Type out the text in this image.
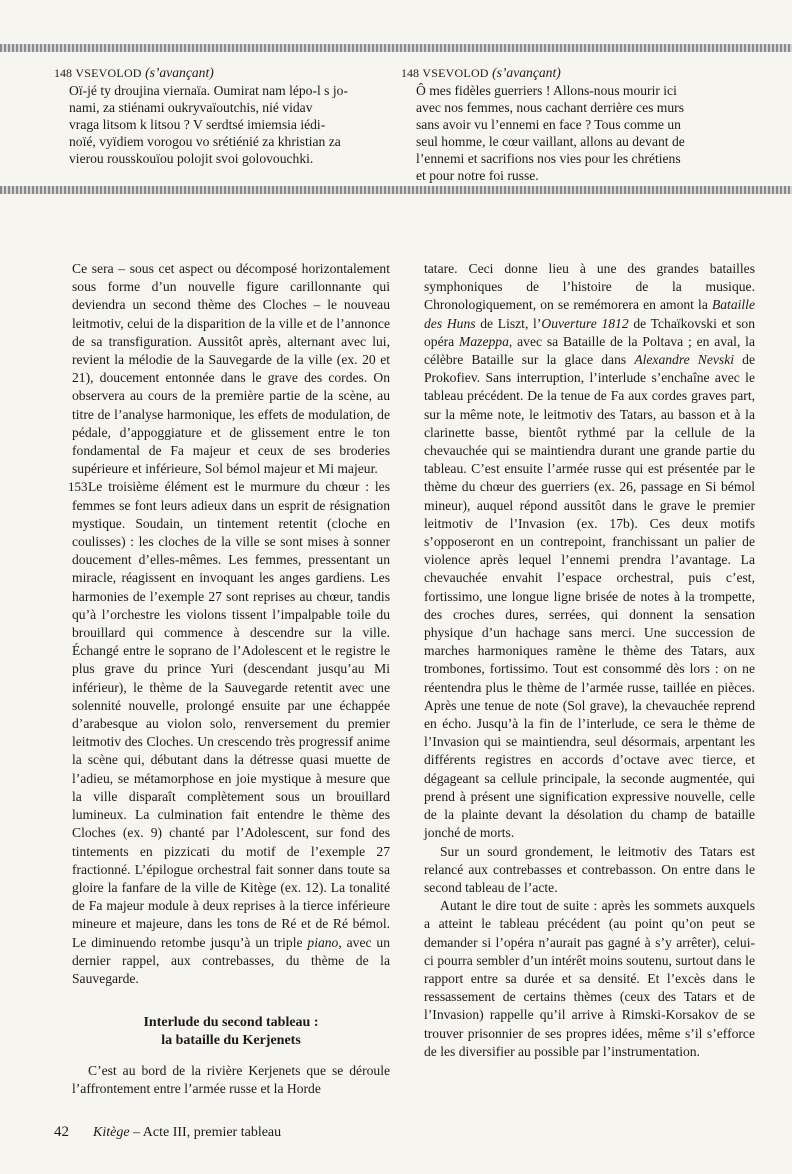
148 VSEVOLOD (s’avançant)
Oï-jé ty droujina viernaïa. Oumirat nam lépo-l s jo-
nami, za stiénami oukryvaïoutchis, nié vidav
vraga litsom k litsou ? V serdtsé imiemsia iédi-
noïé, vyïdiem vorogou vo srétiénié za khristian za
vierou rousskouïou polojit svoi golovouchki.
148 VSEVOLOD (s’avançant)
Ô mes fidèles guerriers ! Allons-nous mourir ici
avec nos femmes, nous cachant derrière ces murs
sans avoir vu l’ennemi en face ? Tous comme un
seul homme, le cœur vaillant, allons au devant de
l’ennemi et sacrifions nos vies pour les chrétiens
et pour notre foi russe.

Ce sera – sous cet aspect ou décomposé horizontalement sous forme d’un nouvelle figure carillonnante qui deviendra un second thème des Cloches – le nouveau leitmotiv, celui de la disparition de la ville et de l’annonce de sa transfiguration. Aussitôt après, alternant avec lui, revient la mélodie de la Sauvegarde de la ville (ex. 20 et 21), doucement entonnée dans le grave des cordes. On observera au cours de la première partie de la scène, au titre de l’analyse harmonique, les effets de modulation, de pédale, d’appoggiature et de glissement entre le ton fondamental de Fa majeur et ceux de ses broderies supérieure et inférieure, Sol bémol majeur et Mi majeur.

153 Le troisième élément est le murmure du chœur : les femmes se font leurs adieux dans un esprit de résignation mystique. Soudain, un tintement retentit (cloche en coulisses) : les cloches de la ville se sont mises à sonner doucement d’elles-mêmes. Les femmes, pressentant un miracle, réagissent en invoquant les anges gardiens. Les harmonies de l’exemple 27 sont reprises au chœur, tandis qu’à l’orchestre les violons tissent l’impalpable toile du brouillard qui commence à descendre sur la ville. Échangé entre le soprano de l’Adolescent et le registre le plus grave du prince Yuri (descendant jusqu’au Mi inférieur), le thème de la Sauvegarde retentit avec une solennité nouvelle, prolongé ensuite par une échappée d’arabesque au violon solo, renversement du premier leitmotiv des Cloches. Un crescendo très progressif anime la scène qui, débutant dans la détresse quasi muette de l’adieu, se métamorphose en joie mystique à mesure que la ville disparaît complètement sous un brouillard lumineux. La culmination fait entendre le thème des Cloches (ex. 9) chanté par l’Adolescent, sur fond des tintements en pizzicati du motif de l’exemple 27 fractionné. L’épilogue orchestral fait sonner dans toute sa gloire la fanfare de la ville de Kitège (ex. 12). La tonalité de Fa majeur module à deux reprises à la tierce inférieure mineure et majeure, dans les tons de Ré et de Ré bémol. Le diminuendo retombe jusqu’à un triple piano, avec un dernier rappel, aux contrebasses, du thème de la Sauvegarde.

Interlude du second tableau :
la bataille du Kerjenets

C’est au bord de la rivière Kerjenets que se déroule l’affrontement entre l’armée russe et la Horde

tatare. Ceci donne lieu à une des grandes batailles symphoniques de l’histoire de la musique. Chronologiquement, on se remémorera en amont la Bataille des Huns de Liszt, l’Ouverture 1812 de Tchaïkovski et son opéra Mazeppa, avec sa Bataille de la Poltava ; en aval, la célèbre Bataille sur la glace dans Alexandre Nevski de Prokofiev. Sans interruption, l’interlude s’enchaîne avec le tableau précédent. De la tenue de Fa aux cordes graves part, sur la même note, le leitmotiv des Tatars, au basson et à la clarinette basse, bientôt rythmé par la cellule de la chevauchée qui se maintiendra durant une grande partie du tableau. C’est ensuite l’armée russe qui est présentée par le thème du chœur des guerriers (ex. 26, passage en Si bémol mineur), auquel répond aussitôt dans le grave le premier leitmotiv de l’Invasion (ex. 17b). Ces deux motifs s’opposeront en un contrepoint, franchissant un palier de violence après lequel l’ennemi prendra l’avantage. La chevauchée envahit l’espace orchestral, puis c’est, fortissimo, une longue ligne brisée de notes à la trompette, des croches dures, serrées, qui donnent la sensation physique d’un hachage sans merci. Une succession de marches harmoniques ramène le thème des Tatars, aux trombones, fortissimo. Tout est consommé dès lors : on ne réentendra plus le thème de l’armée russe, taillée en pièces. Après une tenue de note (Sol grave), la chevauchée reprend en écho. Jusqu’à la fin de l’interlude, ce sera le thème de l’Invasion qui se maintiendra, seul désormais, arpentant les différents registres en accords d’octave avec tierce, et dégageant sa cellule principale, la seconde augmentée, qui prend à présent une signification expressive nouvelle, celle de la plainte devant la désolation du champ de bataille jonché de morts.

Sur un sourd grondement, le leitmotiv des Tatars est relancé aux contrebasses et contrebasson. On entre dans le second tableau de l’acte.

Autant le dire tout de suite : après les sommets auxquels a atteint le tableau précédent (au point qu’on peut se demander si l’opéra n’aurait pas gagné à s’y arrêter), celui-ci pourra sembler d’un intérêt moins soutenu, surtout dans le rapport entre sa durée et sa densité. Et l’excès dans le ressassement de certains thèmes (ceux des Tatars et de l’Invasion) rappelle qu’il arrive à Rimski-Korsakov de se trouver prisonnier de ses propres idées, même s’il s’efforce de les diversifier au possible par l’instrumentation.

42 Kitège – Acte III, premier tableau
